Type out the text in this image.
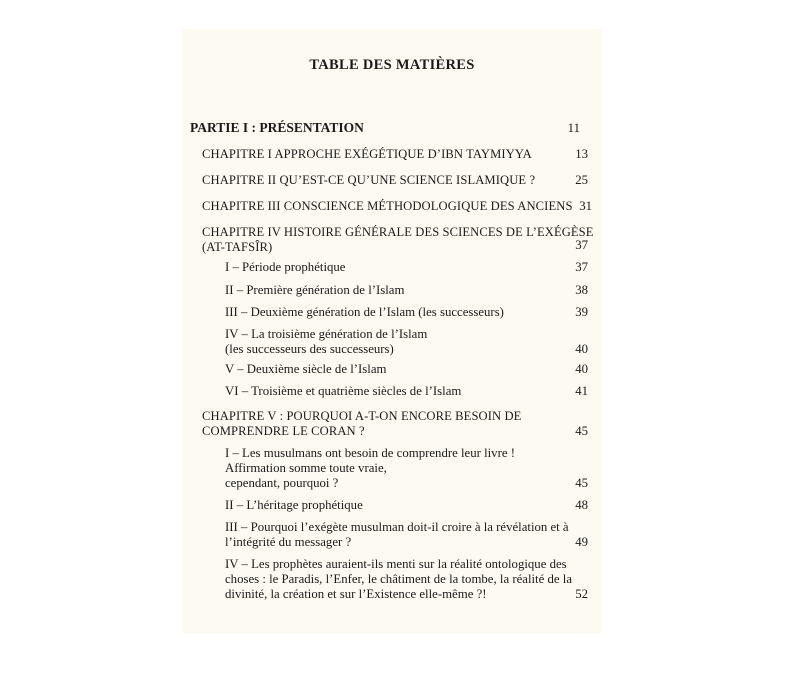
TABLE DES MATIÈRES
PARTIE I : PRÉSENTATION	11
CHAPITRE I APPROCHE EXÉGÉTIQUE D’IBN TAYMIYYA	13
CHAPITRE II QU’EST-CE QU’UNE SCIENCE ISLAMIQUE ?	25
CHAPITRE III CONSCIENCE MÉTHODOLOGIQUE DES ANCIENS 31
CHAPITRE IV HISTOIRE GÉNÉRALE DES SCIENCES DE L’EXÉGÈSE
(AT-TAFSÎR)	37
I – Période prophétique	37
II – Première génération de l’Islam	38
III – Deuxième génération de l’Islam (les successeurs)	39
IV – La troisième génération de l’Islam
(les successeurs des successeurs)	40
V – Deuxième siècle de l’Islam	40
VI – Troisième et quatrième siècles de l’Islam	41
CHAPITRE V : POURQUOI A-T-ON ENCORE BESOIN DE
COMPRENDRE LE CORAN ?	45
I – Les musulmans ont besoin de comprendre leur livre !
Affirmation somme toute vraie,
cependant, pourquoi ?	45
II – L’héritage prophétique	48
III – Pourquoi l’exégète musulman doit-il croire à la révélation et à
l’intégrité du messager ?	49
IV – Les prophètes auraient-ils menti sur la réalité ontologique des
choses : le Paradis, l’Enfer, le châtiment de la tombe, la réalité de la
divinité, la création et sur l’Existence elle-même ?!	52
